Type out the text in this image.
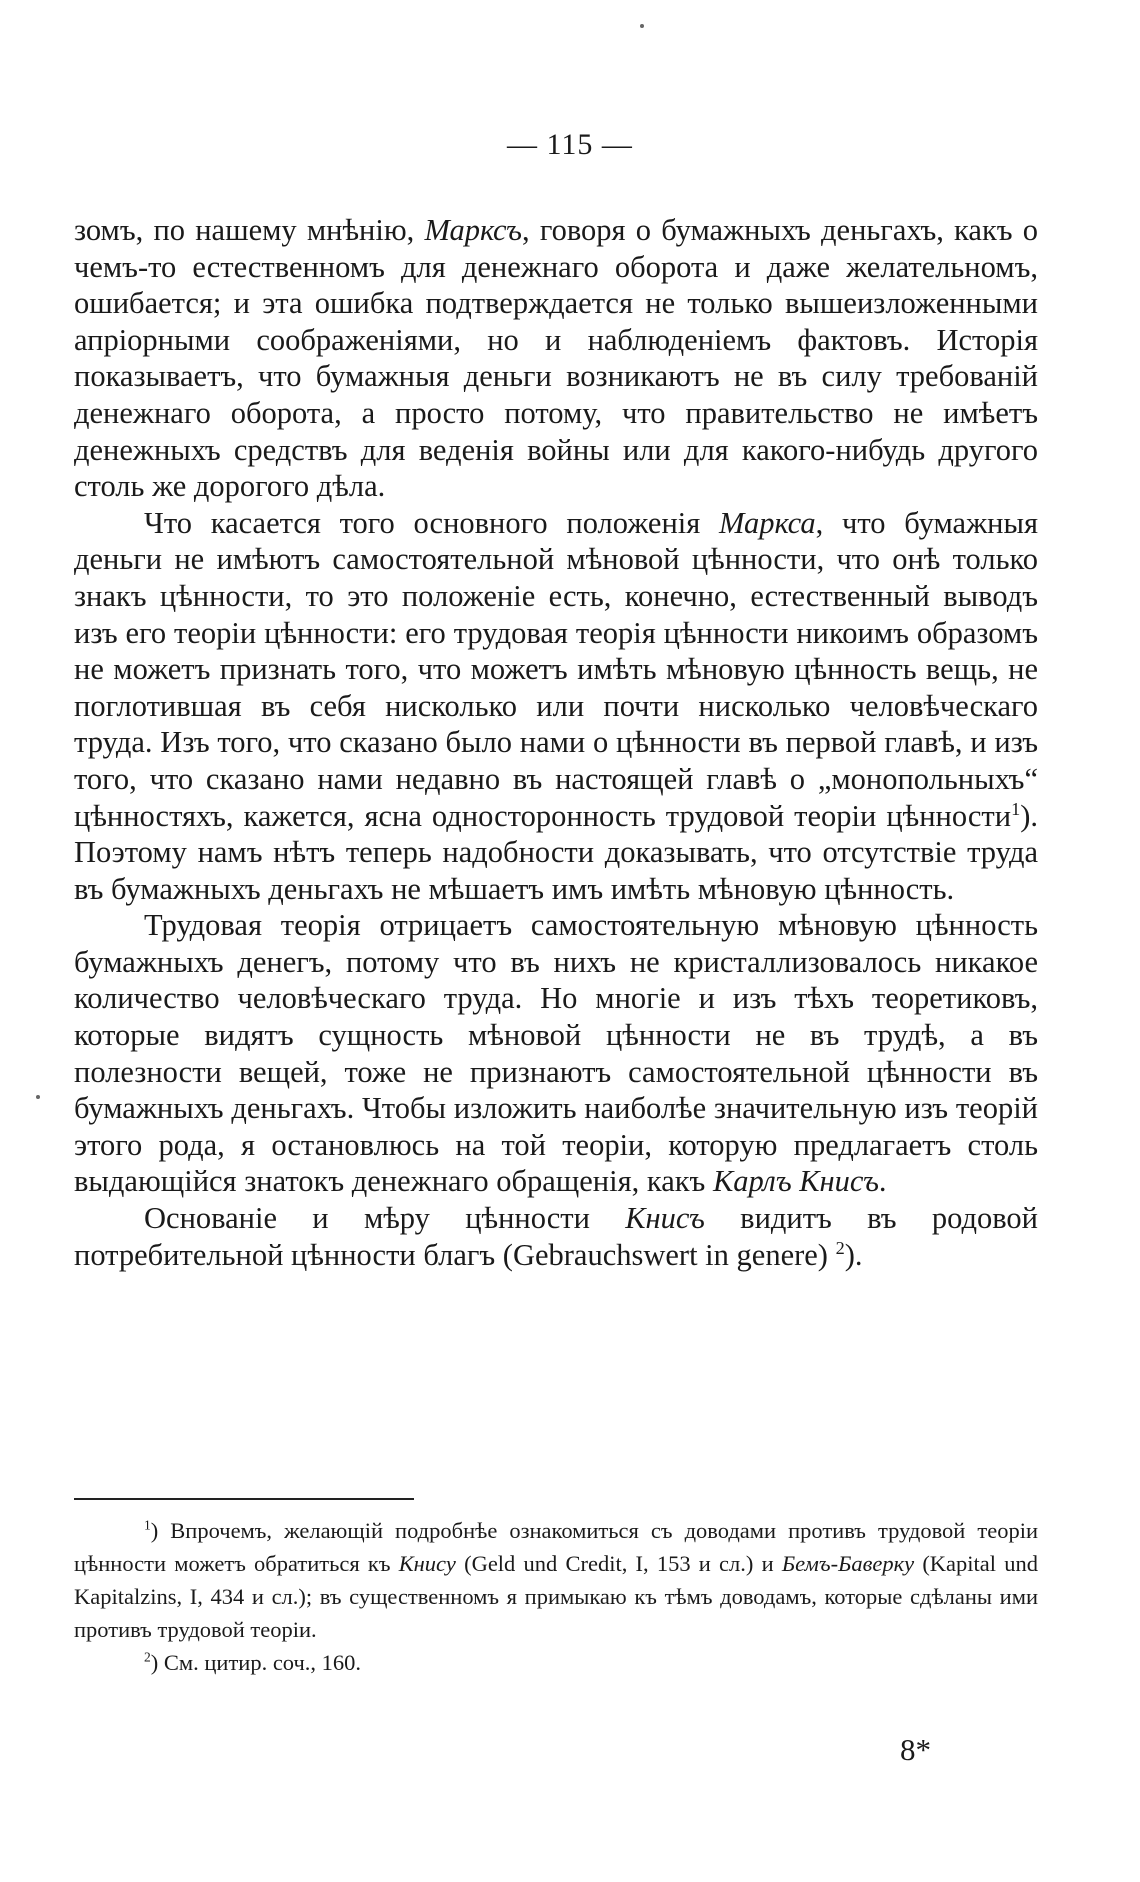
— 115 —

зомъ, по нашему мнѣнію, Марксъ, говоря о бумажныхъ деньгахъ, какъ о чемъ-то естественномъ для денежнаго оборота и даже желательномъ, ошибается; и эта ошибка подтверждается не только вышеизложенными апріорными соображеніями, но и наблюденіемъ фактовъ. Исторія показываетъ, что бумажныя деньги возникаютъ не въ силу требованій денежнаго оборота, а просто потому, что правительство не имѣетъ денежныхъ средствъ для веденія войны или для какого-нибудь другого столь же дорогого дѣла.

Что касается того основного положенія Маркса, что бумажныя деньги не имѣютъ самостоятельной мѣновой цѣнности, что онѣ только знакъ цѣнности, то это положеніе есть, конечно, естественный выводъ изъ его теоріи цѣнности: его трудовая теорія цѣнности никоимъ образомъ не можетъ признать того, что можетъ имѣть мѣновую цѣнность вещь, не поглотившая въ себя нисколько или почти нисколько человѣческаго труда. Изъ того, что сказано было нами о цѣнности въ первой главѣ, и изъ того, что сказано нами недавно въ настоящей главѣ о „монопольныхъ“ цѣнностяхъ, кажется, ясна односторонность трудовой теоріи цѣнности$^1$). Поэтому намъ нѣтъ теперь надобности доказывать, что отсутствіе труда въ бумажныхъ деньгахъ не мѣшаетъ имъ имѣть мѣновую цѣнность.

Трудовая теорія отрицаетъ самостоятельную мѣновую цѣнность бумажныхъ денегъ, потому что въ нихъ не кристаллизовалось никакое количество человѣческаго труда. Но многіе и изъ тѣхъ теоретиковъ, которые видятъ сущность мѣновой цѣнности не въ трудѣ, а въ полезности вещей, тоже не признаютъ самостоятельной цѣнности въ бумажныхъ деньгахъ. Чтобы изложить наиболѣе значительную изъ теорій этого рода, я остановлюсь на той теоріи, которую предлагаетъ столь выдающійся знатокъ денежнаго обращенія, какъ Карлъ Книсъ.

Основаніе и мѣру цѣнности Книсъ видитъ въ родовой потребительной цѣнности благъ (Gebrauchswert in genere) $^2$).

$^1$) Впрочемъ, желающій подробнѣе ознакомиться съ доводами противъ трудовой теоріи цѣнности можетъ обратиться къ Кнису (Geld und Credit, I, 153 и сл.) и Бемъ-Баверку (Kapital und Kapitalzins, I, 434 и сл.); въ существенномъ я примыкаю къ тѣмъ доводамъ, которые сдѣланы ими противъ трудовой теоріи.

$^2$) См. цитир. соч., 160.

8*
